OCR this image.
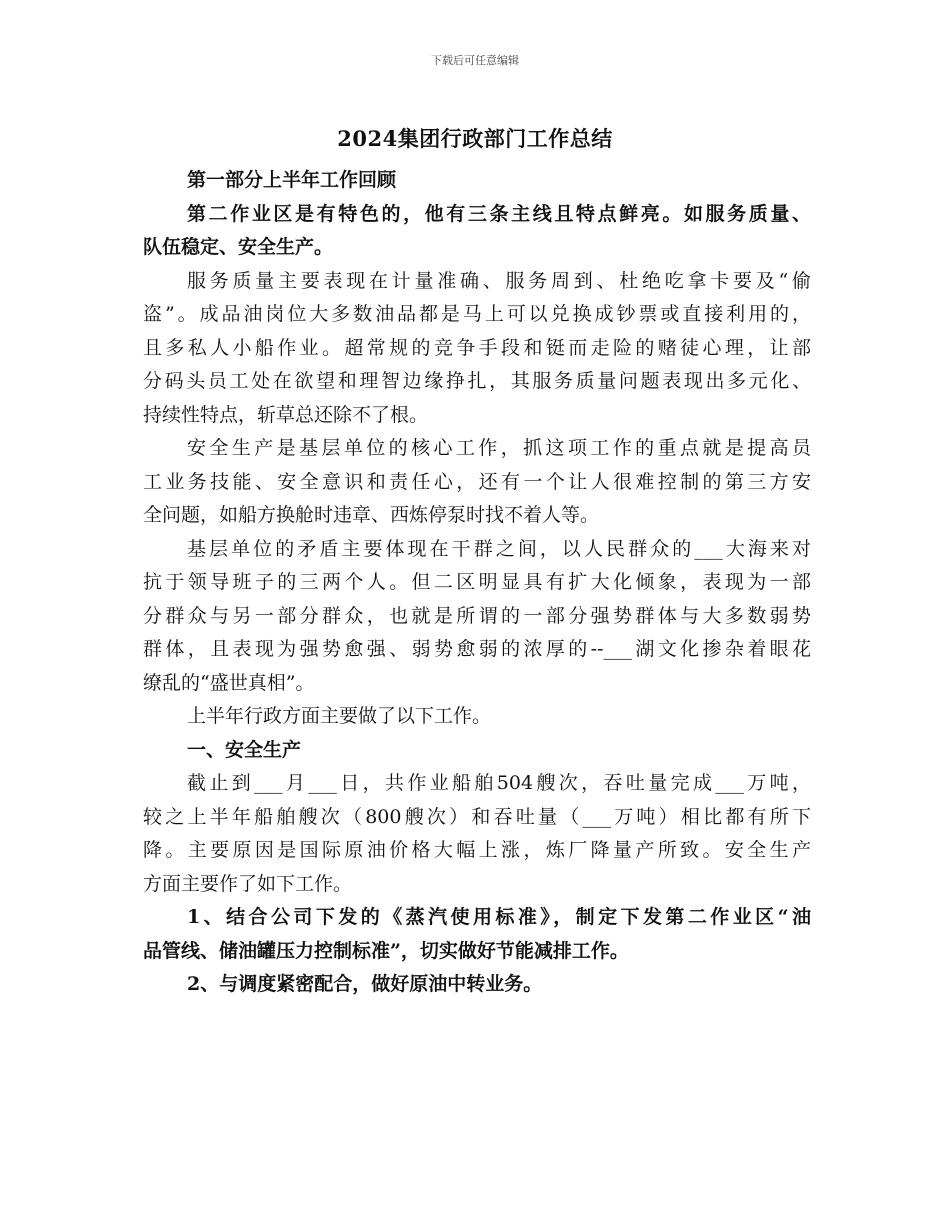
下载后可任意编辑
2024集团行政部门工作总结
第一部分上半年工作回顾
第二作业区是有特色的，他有三条主线且特点鲜亮。如服务质量、
队伍稳定、安全生产。
服务质量主要表现在计量准确、服务周到、杜绝吃拿卡要及“偷
盗”。成品油岗位大多数油品都是马上可以兑换成钞票或直接利用的，
且多私人小船作业。超常规的竞争手段和铤而走险的赌徒心理，让部
分码头员工处在欲望和理智边缘挣扎，其服务质量问题表现出多元化、
持续性特点，斩草总还除不了根。
安全生产是基层单位的核心工作，抓这项工作的重点就是提高员
工业务技能、安全意识和责任心，还有一个让人很难控制的第三方安
全问题，如船方换舱时违章、西炼停泵时找不着人等。
基层单位的矛盾主要体现在干群之间，以人民群众的___大海来对
抗于领导班子的三两个人。但二区明显具有扩大化倾象，表现为一部
分群众与另一部分群众，也就是所谓的一部分强势群体与大多数弱势
群体，且表现为强势愈强、弱势愈弱的浓厚的--___湖文化掺杂着眼花
缭乱的“盛世真相”。
上半年行政方面主要做了以下工作。
一、安全生产
截止到___月___日，共作业船舶504艘次，吞吐量完成___万吨，
较之上半年船舶艘次（800艘次）和吞吐量（___万吨）相比都有所下
降。主要原因是国际原油价格大幅上涨，炼厂降量产所致。安全生产
方面主要作了如下工作。
1、结合公司下发的《蒸汽使用标准》，制定下发第二作业区“油
品管线、储油罐压力控制标准”，切实做好节能减排工作。
2、与调度紧密配合，做好原油中转业务。
